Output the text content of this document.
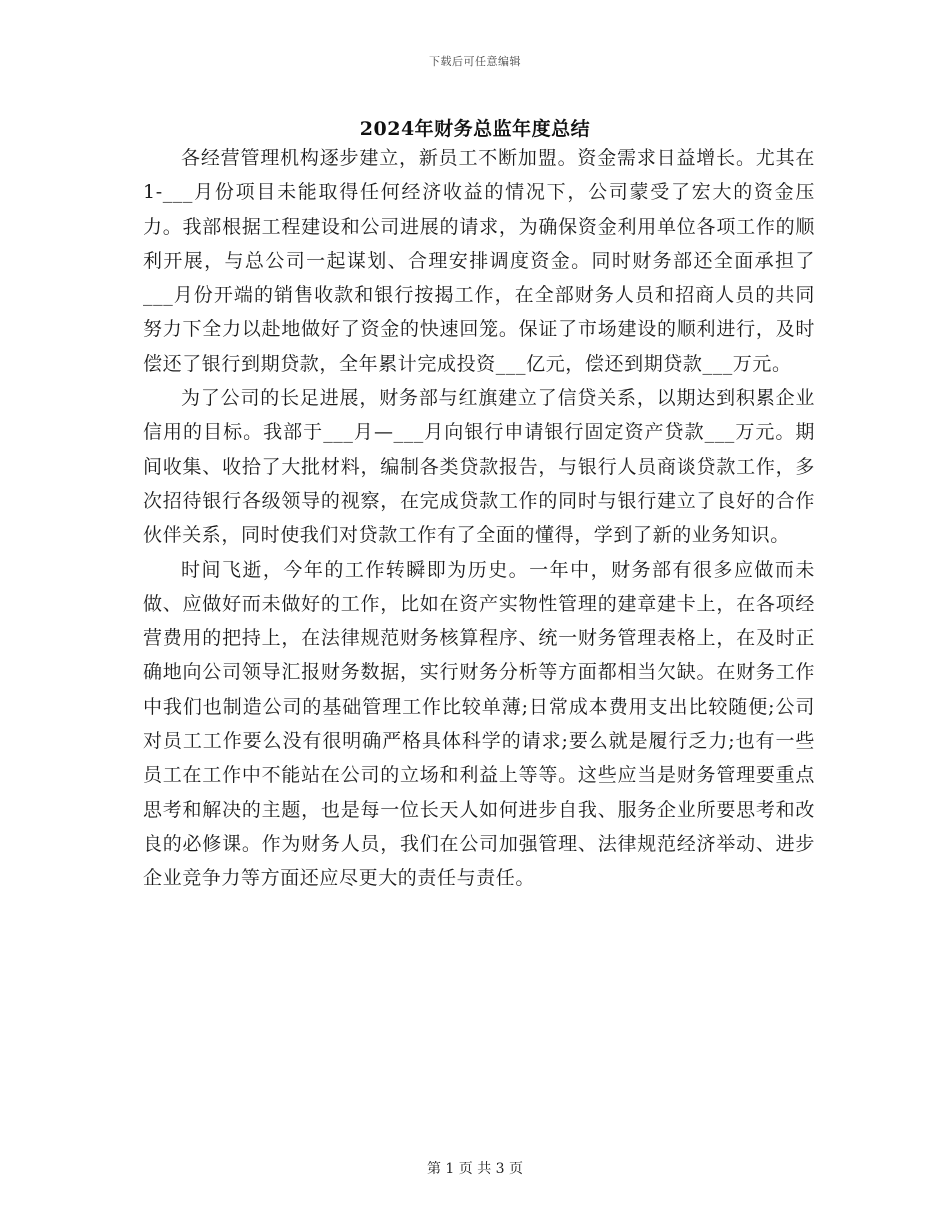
下载后可任意编辑
2024年财务总监年度总结

各经营管理机构逐步建立，新员工不断加盟。资金需求日益增长。尤其在1-___月份项目未能取得任何经济收益的情况下，公司蒙受了宏大的资金压力。我部根据工程建设和公司进展的请求，为确保资金利用单位各项工作的顺利开展，与总公司一起谋划、合理安排调度资金。同时财务部还全面承担了___月份开端的销售收款和银行按揭工作，在全部财务人员和招商人员的共同努力下全力以赴地做好了资金的快速回笼。保证了市场建设的顺利进行，及时偿还了银行到期贷款，全年累计完成投资___亿元，偿还到期贷款___万元。

为了公司的长足进展，财务部与红旗建立了信贷关系，以期达到积累企业信用的目标。我部于___月—___月向银行申请银行固定资产贷款___万元。期间收集、收拾了大批材料，编制各类贷款报告，与银行人员商谈贷款工作，多次招待银行各级领导的视察，在完成贷款工作的同时与银行建立了良好的合作伙伴关系，同时使我们对贷款工作有了全面的懂得，学到了新的业务知识。

时间飞逝，今年的工作转瞬即为历史。一年中，财务部有很多应做而未做、应做好而未做好的工作，比如在资产实物性管理的建章建卡上，在各项经营费用的把持上，在法律规范财务核算程序、统一财务管理表格上，在及时正确地向公司领导汇报财务数据，实行财务分析等方面都相当欠缺。在财务工作中我们也制造公司的基础管理工作比较单薄;日常成本费用支出比较随便;公司对员工工作要么没有很明确严格具体科学的请求;要么就是履行乏力;也有一些员工在工作中不能站在公司的立场和利益上等等。这些应当是财务管理要重点思考和解决的主题，也是每一位长天人如何进步自我、服务企业所要思考和改良的必修课。作为财务人员，我们在公司加强管理、法律规范经济举动、进步企业竞争力等方面还应尽更大的责任与责任。

第 1 页 共 3 页
